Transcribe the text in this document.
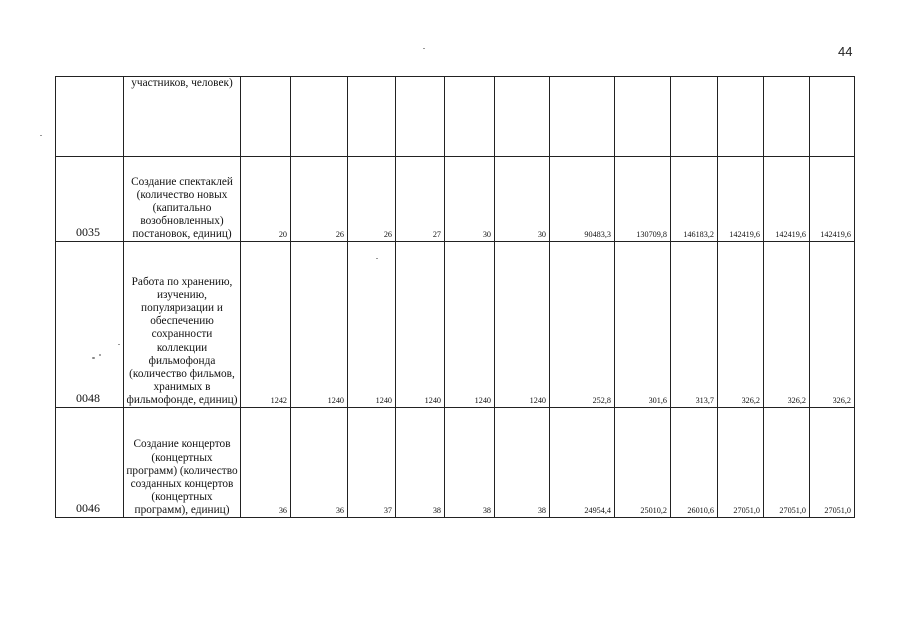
44
	участников, человек)												
0035	Создание спектаклей (количество новых (капитально возобновленных) постановок, единиц)	20	26	26	27	30	30	90483,3	130709,8	146183,2	142419,6	142419,6	142419,6
0048	Работа по хранению, изучению, популяризации и обеспечению сохранности коллекции фильмофонда (количество фильмов, хранимых в фильмофонде, единиц)	1242	1240	1240	1240	1240	1240	252,8	301,6	313,7	326,2	326,2	326,2
0046	Создание концертов (концертных программ) (количество созданных концертов (концертных программ), единиц)	36	36	37	38	38	38	24954,4	25010,2	26010,6	27051,0	27051,0	27051,0
